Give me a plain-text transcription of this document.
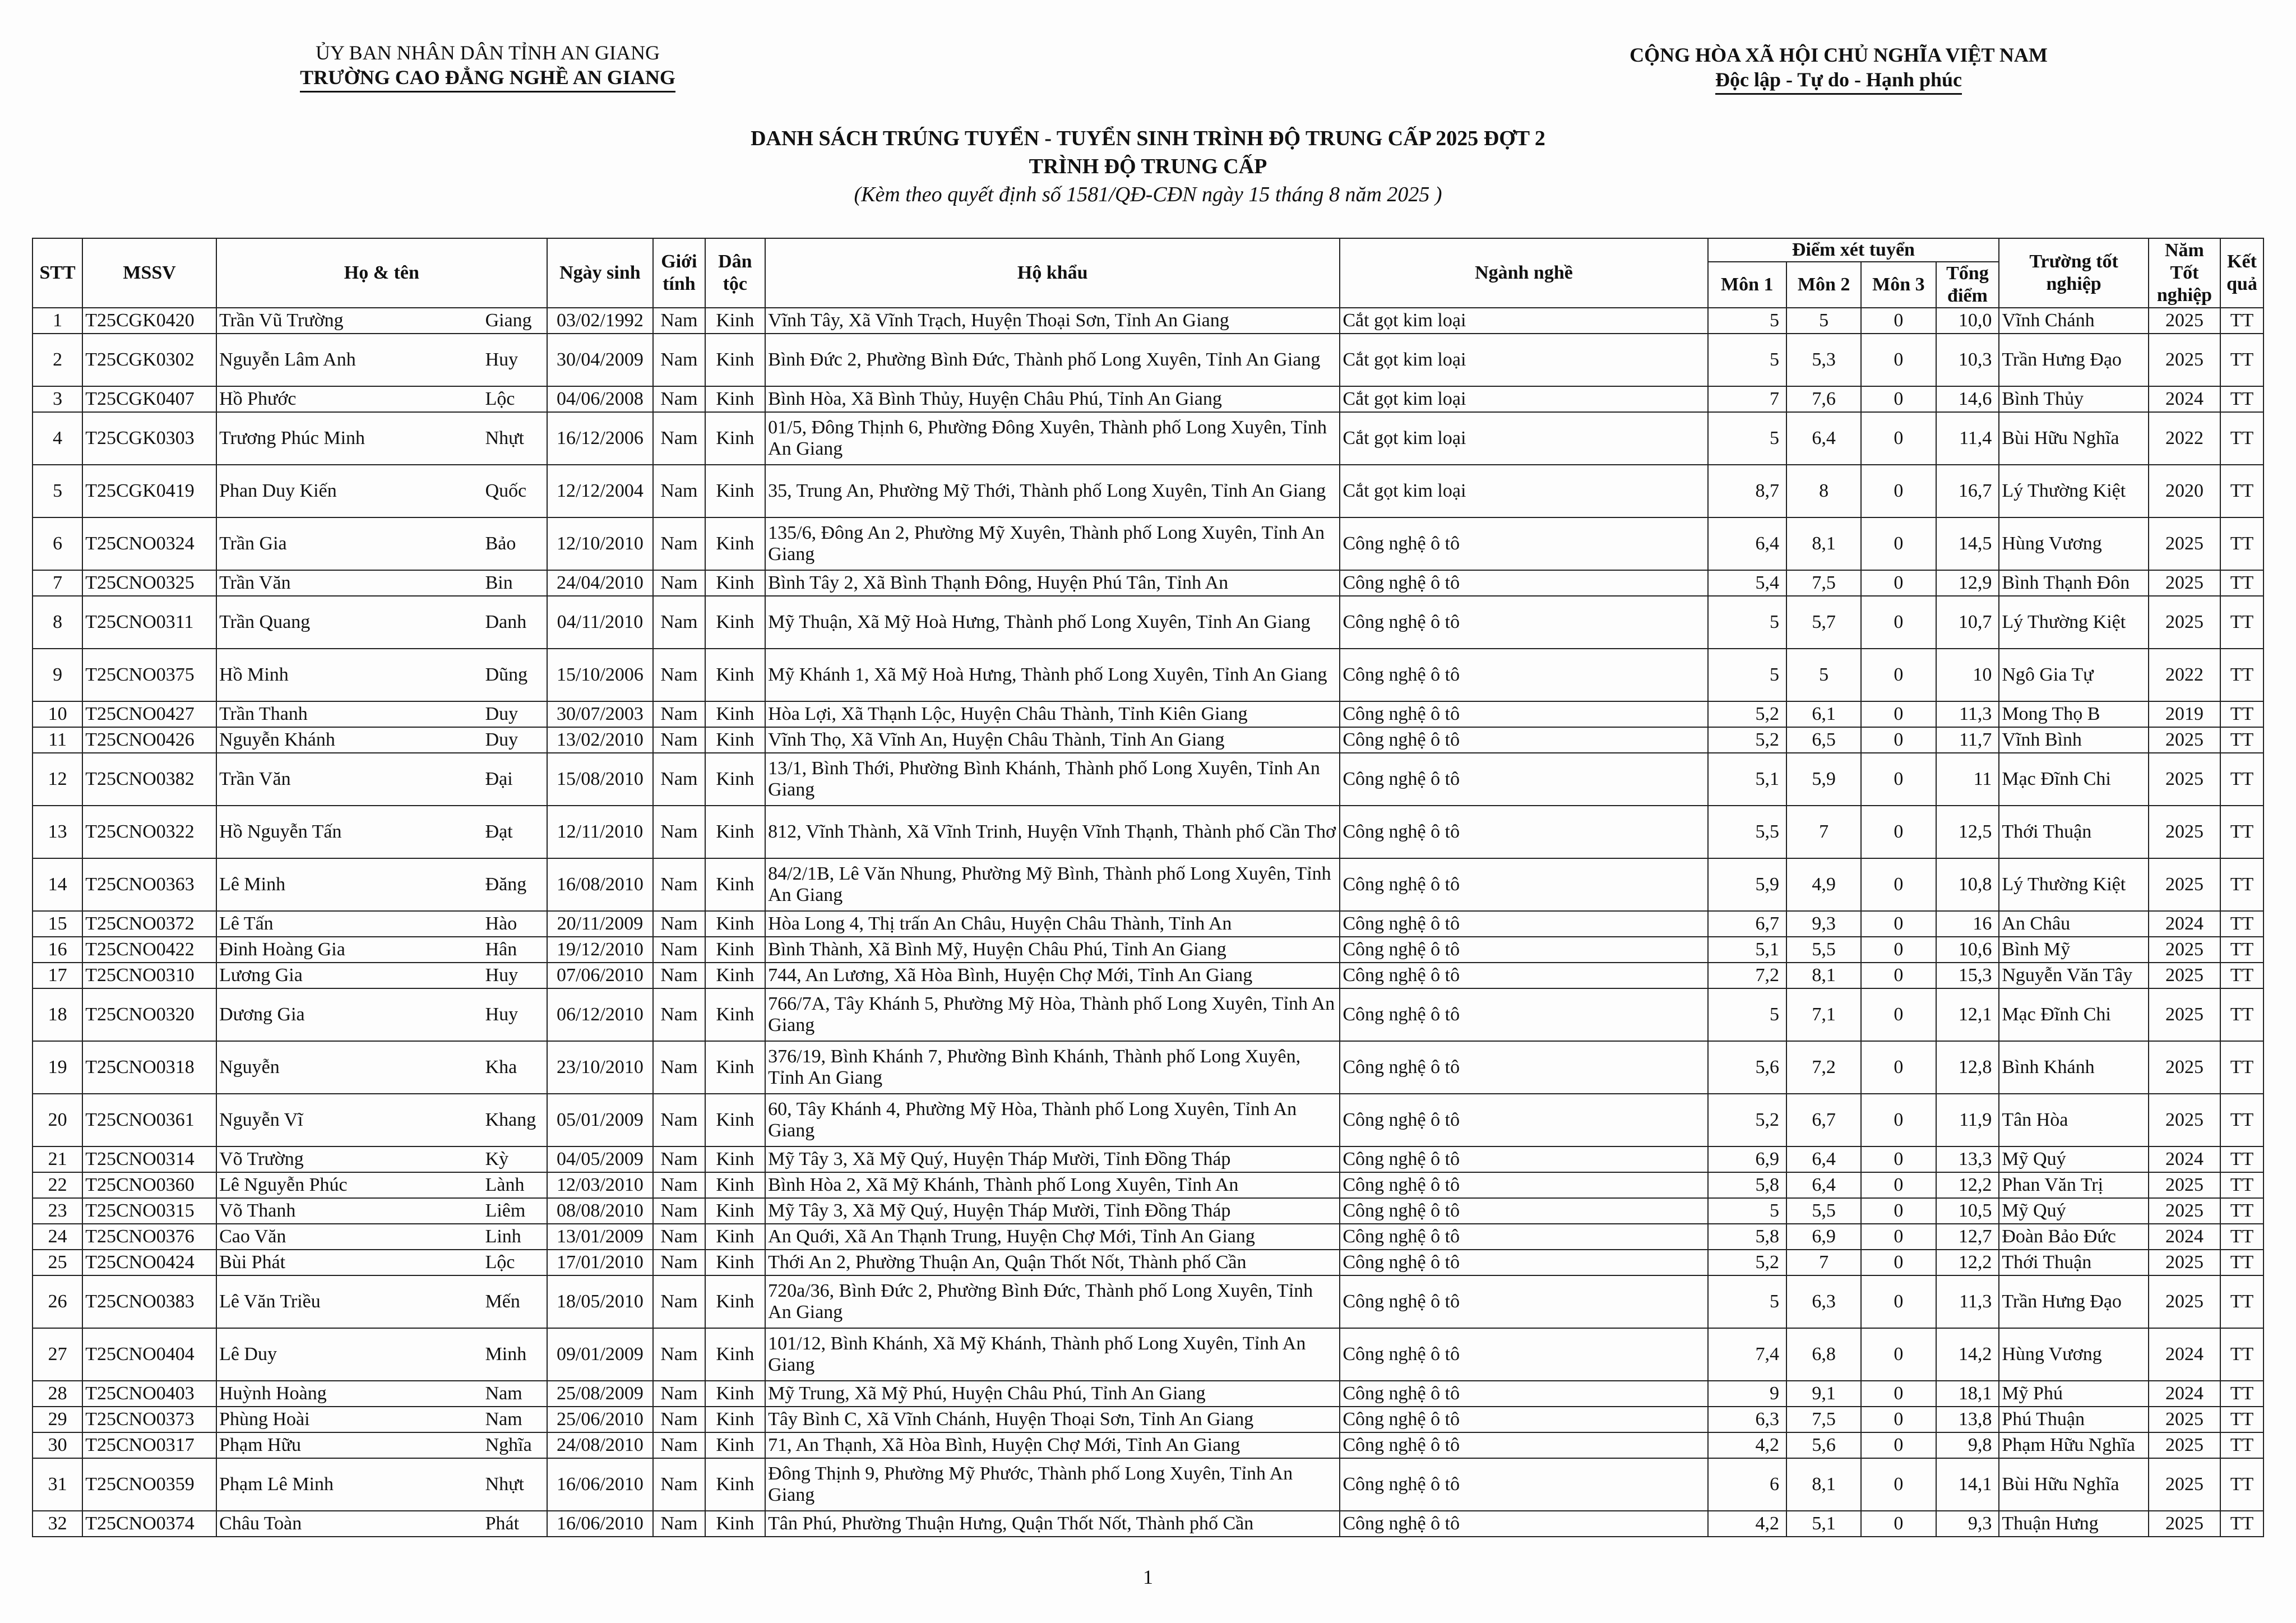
ỦY BAN NHÂN DÂN TỈNH AN GIANG
TRƯỜNG CAO ĐẲNG NGHỀ AN GIANG
CỘNG HÒA XÃ HỘI CHỦ NGHĨA VIỆT NAM
Độc lập - Tự do - Hạnh phúc
DANH SÁCH TRÚNG TUYỂN - TUYỂN SINH TRÌNH ĐỘ TRUNG CẤP 2025 ĐỢT 2
TRÌNH ĐỘ TRUNG CẤP
(Kèm theo quyết định số 1581/QĐ-CĐN ngày 15 tháng 8 năm 2025 )
STT	MSSV	Họ & tên	Ngày sinh	Giới tính	Dân tộc	Hộ khẩu	Ngành nghề	Điểm xét tuyển				Trường tốt nghiệp	Năm Tốt nghiệp	Kết quả
								Môn 1	Môn 2	Môn 3	Tổng điểm			
1	T25CGK0420	Trần Vũ Trường Giang	03/02/1992	Nam	Kinh	Vĩnh Tây, Xã Vĩnh Trạch, Huyện Thoại Sơn, Tỉnh An Giang	Cắt gọt kim loại	5	5	0	10,0	Vĩnh Chánh	2025	TT
2	T25CGK0302	Nguyễn Lâm Anh Huy	30/04/2009	Nam	Kinh	Bình Đức 2, Phường Bình Đức, Thành phố Long Xuyên, Tỉnh An Giang	Cắt gọt kim loại	5	5,3	0	10,3	Trần Hưng Đạo	2025	TT
3	T25CGK0407	Hồ Phước Lộc	04/06/2008	Nam	Kinh	Bình Hòa, Xã Bình Thủy, Huyện Châu Phú, Tỉnh An Giang	Cắt gọt kim loại	7	7,6	0	14,6	Bình Thủy	2024	TT
4	T25CGK0303	Trương Phúc Minh Nhựt	16/12/2006	Nam	Kinh	01/5, Đông Thịnh 6, Phường Đông Xuyên, Thành phố Long Xuyên, Tỉnh An Giang	Cắt gọt kim loại	5	6,4	0	11,4	Bùi Hữu Nghĩa	2022	TT
5	T25CGK0419	Phan Duy Kiến Quốc	12/12/2004	Nam	Kinh	35, Trung An, Phường Mỹ Thới, Thành phố Long Xuyên, Tỉnh An Giang	Cắt gọt kim loại	8,7	8	0	16,7	Lý Thường Kiệt	2020	TT
6	T25CNO0324	Trần Gia Bảo	12/10/2010	Nam	Kinh	135/6, Đông An 2, Phường Mỹ Xuyên, Thành phố Long Xuyên, Tỉnh An Giang	Công nghệ ô tô	6,4	8,1	0	14,5	Hùng Vương	2025	TT
7	T25CNO0325	Trần Văn Bin	24/04/2010	Nam	Kinh	Bình Tây 2, Xã Bình Thạnh Đông, Huyện Phú Tân, Tỉnh An	Công nghệ ô tô	5,4	7,5	0	12,9	Bình Thạnh Đôn	2025	TT
8	T25CNO0311	Trần Quang Danh	04/11/2010	Nam	Kinh	Mỹ Thuận, Xã Mỹ Hoà Hưng, Thành phố Long Xuyên, Tỉnh An Giang	Công nghệ ô tô	5	5,7	0	10,7	Lý Thường Kiệt	2025	TT
9	T25CNO0375	Hồ Minh Dũng	15/10/2006	Nam	Kinh	Mỹ Khánh 1, Xã Mỹ Hoà Hưng, Thành phố Long Xuyên, Tỉnh An Giang	Công nghệ ô tô	5	5	0	10	Ngô Gia Tự	2022	TT
10	T25CNO0427	Trần Thanh Duy	30/07/2003	Nam	Kinh	Hòa Lợi, Xã Thạnh Lộc, Huyện Châu Thành, Tỉnh Kiên Giang	Công nghệ ô tô	5,2	6,1	0	11,3	Mong Thọ B	2019	TT
11	T25CNO0426	Nguyễn Khánh Duy	13/02/2010	Nam	Kinh	Vĩnh Thọ, Xã Vĩnh An, Huyện Châu Thành, Tỉnh An Giang	Công nghệ ô tô	5,2	6,5	0	11,7	Vĩnh Bình	2025	TT
12	T25CNO0382	Trần Văn Đại	15/08/2010	Nam	Kinh	13/1, Bình Thới, Phường Bình Khánh, Thành phố Long Xuyên, Tỉnh An Giang	Công nghệ ô tô	5,1	5,9	0	11	Mạc Đĩnh Chi	2025	TT
13	T25CNO0322	Hồ Nguyễn Tấn Đạt	12/11/2010	Nam	Kinh	812, Vĩnh Thành, Xã Vĩnh Trinh, Huyện Vĩnh Thạnh, Thành phố Cần Thơ	Công nghệ ô tô	5,5	7	0	12,5	Thới Thuận	2025	TT
14	T25CNO0363	Lê Minh Đăng	16/08/2010	Nam	Kinh	84/2/1B, Lê Văn Nhung, Phường Mỹ Bình, Thành phố Long Xuyên, Tỉnh An Giang	Công nghệ ô tô	5,9	4,9	0	10,8	Lý Thường Kiệt	2025	TT
15	T25CNO0372	Lê Tấn Hào	20/11/2009	Nam	Kinh	Hòa Long 4, Thị trấn An Châu, Huyện Châu Thành, Tỉnh An	Công nghệ ô tô	6,7	9,3	0	16	An Châu	2024	TT
16	T25CNO0422	Đinh Hoàng Gia Hân	19/12/2010	Nam	Kinh	Bình Thành, Xã Bình Mỹ, Huyện Châu Phú, Tỉnh An Giang	Công nghệ ô tô	5,1	5,5	0	10,6	Bình Mỹ	2025	TT
17	T25CNO0310	Lương Gia Huy	07/06/2010	Nam	Kinh	744, An Lương, Xã Hòa Bình, Huyện Chợ Mới, Tỉnh An Giang	Công nghệ ô tô	7,2	8,1	0	15,3	Nguyễn Văn Tây	2025	TT
18	T25CNO0320	Dương Gia Huy	06/12/2010	Nam	Kinh	766/7A, Tây Khánh 5, Phường Mỹ Hòa, Thành phố Long Xuyên, Tỉnh An Giang	Công nghệ ô tô	5	7,1	0	12,1	Mạc Đĩnh Chi	2025	TT
19	T25CNO0318	Nguyễn Kha	23/10/2010	Nam	Kinh	376/19, Bình Khánh 7, Phường Bình Khánh, Thành phố Long Xuyên, Tỉnh An Giang	Công nghệ ô tô	5,6	7,2	0	12,8	Bình Khánh	2025	TT
20	T25CNO0361	Nguyễn Vĩ Khang	05/01/2009	Nam	Kinh	60, Tây Khánh 4, Phường Mỹ Hòa, Thành phố Long Xuyên, Tỉnh An Giang	Công nghệ ô tô	5,2	6,7	0	11,9	Tân Hòa	2025	TT
21	T25CNO0314	Võ Trường Kỳ	04/05/2009	Nam	Kinh	Mỹ Tây 3, Xã Mỹ Quý, Huyện Tháp Mười, Tỉnh Đồng Tháp	Công nghệ ô tô	6,9	6,4	0	13,3	Mỹ Quý	2024	TT
22	T25CNO0360	Lê Nguyễn Phúc Lành	12/03/2010	Nam	Kinh	Bình Hòa 2, Xã Mỹ Khánh, Thành phố Long Xuyên, Tỉnh An	Công nghệ ô tô	5,8	6,4	0	12,2	Phan Văn Trị	2025	TT
23	T25CNO0315	Võ Thanh Liêm	08/08/2010	Nam	Kinh	Mỹ Tây 3, Xã Mỹ Quý, Huyện Tháp Mười, Tỉnh Đồng Tháp	Công nghệ ô tô	5	5,5	0	10,5	Mỹ Quý	2025	TT
24	T25CNO0376	Cao Văn Linh	13/01/2009	Nam	Kinh	An Quới, Xã An Thạnh Trung, Huyện Chợ Mới, Tỉnh An Giang	Công nghệ ô tô	5,8	6,9	0	12,7	Đoàn Bảo Đức	2024	TT
25	T25CNO0424	Bùi Phát Lộc	17/01/2010	Nam	Kinh	Thới An 2, Phường Thuận An, Quận Thốt Nốt, Thành phố Cần	Công nghệ ô tô	5,2	7	0	12,2	Thới Thuận	2025	TT
26	T25CNO0383	Lê Văn Triều Mến	18/05/2010	Nam	Kinh	720a/36, Bình Đức 2, Phường Bình Đức, Thành phố Long Xuyên, Tỉnh An Giang	Công nghệ ô tô	5	6,3	0	11,3	Trần Hưng Đạo	2025	TT
27	T25CNO0404	Lê Duy Minh	09/01/2009	Nam	Kinh	101/12, Bình Khánh, Xã Mỹ Khánh, Thành phố Long Xuyên, Tỉnh An Giang	Công nghệ ô tô	7,4	6,8	0	14,2	Hùng Vương	2024	TT
28	T25CNO0403	Huỳnh Hoàng Nam	25/08/2009	Nam	Kinh	Mỹ Trung, Xã Mỹ Phú, Huyện Châu Phú, Tỉnh An Giang	Công nghệ ô tô	9	9,1	0	18,1	Mỹ Phú	2024	TT
29	T25CNO0373	Phùng Hoài Nam	25/06/2010	Nam	Kinh	Tây Bình C, Xã Vĩnh Chánh, Huyện Thoại Sơn, Tỉnh An Giang	Công nghệ ô tô	6,3	7,5	0	13,8	Phú Thuận	2025	TT
30	T25CNO0317	Phạm Hữu Nghĩa	24/08/2010	Nam	Kinh	71, An Thạnh, Xã Hòa Bình, Huyện Chợ Mới, Tỉnh An Giang	Công nghệ ô tô	4,2	5,6	0	9,8	Phạm Hữu Nghĩa	2025	TT
31	T25CNO0359	Phạm Lê Minh Nhựt	16/06/2010	Nam	Kinh	Đông Thịnh 9, Phường Mỹ Phước, Thành phố Long Xuyên, Tỉnh An Giang	Công nghệ ô tô	6	8,1	0	14,1	Bùi Hữu Nghĩa	2025	TT
32	T25CNO0374	Châu Toàn Phát	16/06/2010	Nam	Kinh	Tân Phú, Phường Thuận Hưng, Quận Thốt Nốt, Thành phố Cần	Công nghệ ô tô	4,2	5,1	0	9,3	Thuận Hưng	2025	TT
1
